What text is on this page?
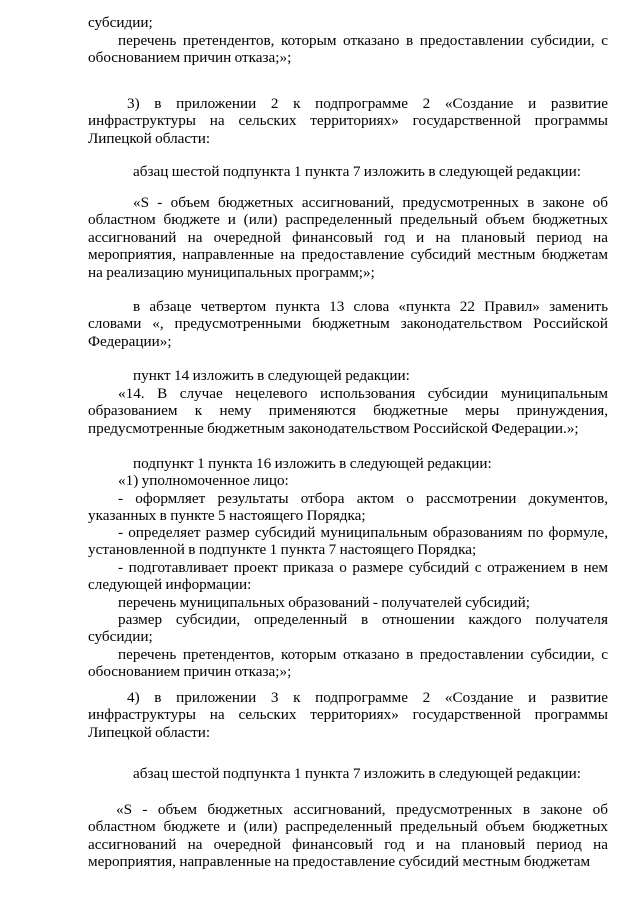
субсидии;

перечень претендентов, которым отказано в предоставлении субсидии, с обоснованием причин отказа;»;

3) в приложении 2 к подпрограмме 2 «Создание и развитие инфраструктуры на сельских территориях» государственной программы Липецкой области:

абзац шестой подпункта 1 пункта 7 изложить в следующей редакции:

«S - объем бюджетных ассигнований, предусмотренных в законе об областном бюджете и (или) распределенный предельный объем бюджетных ассигнований на очередной финансовый год и на плановый период на мероприятия, направленные на предоставление субсидий местным бюджетам на реализацию муниципальных программ;»;

в абзаце четвертом пункта 13 слова «пункта 22 Правил» заменить словами «, предусмотренными бюджетным законодательством Российской Федерации»;

пункт 14 изложить в следующей редакции:

«14. В случае нецелевого использования субсидии муниципальным образованием к нему применяются бюджетные меры принуждения, предусмотренные бюджетным законодательством Российской Федерации.»;

подпункт 1 пункта 16 изложить в следующей редакции:

«1) уполномоченное лицо:

- оформляет результаты отбора актом о рассмотрении документов, указанных в пункте 5 настоящего Порядка;

- определяет размер субсидий муниципальным образованиям по формуле, установленной в подпункте 1 пункта 7 настоящего Порядка;

- подготавливает проект приказа о размере субсидий с отражением в нем следующей информации:

перечень муниципальных образований - получателей субсидий;

размер субсидии, определенный в отношении каждого получателя субсидии;

перечень претендентов, которым отказано в предоставлении субсидии, с обоснованием причин отказа;»;

4) в приложении 3 к подпрограмме 2 «Создание и развитие инфраструктуры на сельских территориях» государственной программы Липецкой области:

абзац шестой подпункта 1 пункта 7 изложить в следующей редакции:

«S - объем бюджетных ассигнований, предусмотренных в законе об областном бюджете и (или) распределенный предельный объем бюджетных ассигнований на очередной финансовый год и на плановый период на мероприятия, направленные на предоставление субсидий местным бюджетам
